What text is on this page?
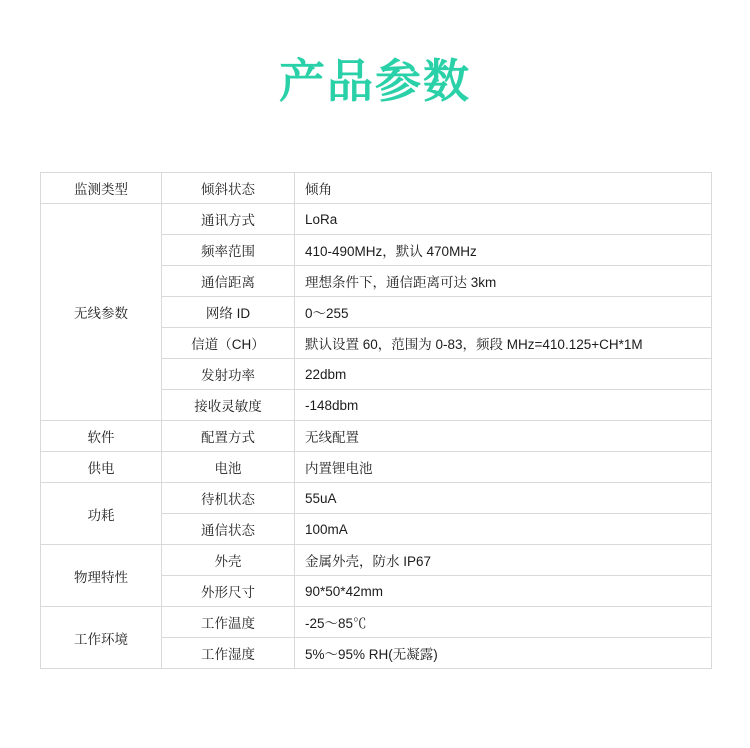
产品参数
监测类型	倾斜状态	倾角
无线参数	通讯方式	LoRa
	频率范围	410-490MHz，默认 470MHz
	通信距离	理想条件下，通信距离可达 3km
	网络 ID	0～255
	信道（CH）	默认设置 60，范围为 0-83，频段 MHz=410.125+CH*1M
	发射功率	22dbm
	接收灵敏度	-148dbm
软件	配置方式	无线配置
供电	电池	内置锂电池
功耗	待机状态	55uA
	通信状态	100mA
物理特性	外壳	金属外壳，防水 IP67
	外形尺寸	90*50*42mm
工作环境	工作温度	-25～85℃
	工作湿度	5%～95% RH(无凝露)
